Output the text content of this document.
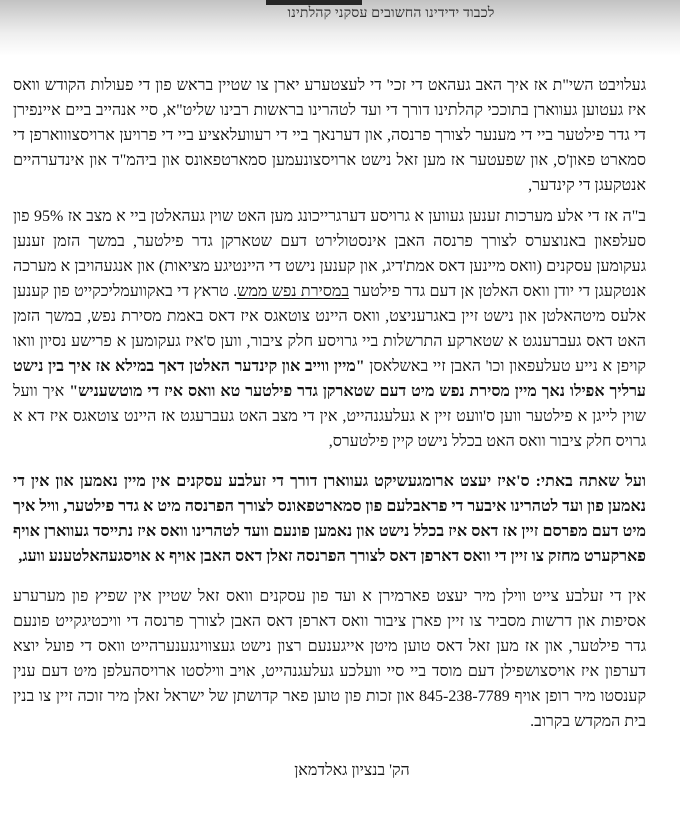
לכבוד ידידינו החשובים עסקני קהלתינו

געלויבט השי"ת אז איך האב געהאט די זכי' די לעצטערע יארן צו שטיין בראש פון די פעולות הקודש וואס איז געטוען געווארן בתוככי קהלתינו דורך די ועד לטהרינו בראשות רבינו שליט"א, סיי אנהייב ביים איינפירן די גדר פילטער ביי די מענער לצורך פרנסה, און דערנאך ביי די רעוועלאציע ביי די פרויען ארויסצוווארפן די סמארט פאון'ס, און שפעטער אז מען זאל נישט ארויסצונעמען סמארטפאונס און ביהמ"ד און אינדערהיים אנטקעגן די קינדער,

ב"ה אז די אלע מערכות זענען געווען א גרויסע דערגרייכונג מען האט שוין געהאלטן ביי א מצב אז 95% פון סעלפאון באנוצערס לצורך פרנסה האבן אינסטולירט דעם שטארקן גדר פילטער, במשך הזמן זענען געקומען עסקנים (וואס מיינען דאס אמת'דיג, און קענען נישט די היינטיגע מציאות) און אנגעהויבן א מערכה אנטקעגן די יודן וואס האלטן אן דעם גדר פילטער במסירת נפש ממש. טראץ די באקוועמליכקייט פון קענען אלעס מיטהאלטן און נישט זיין באגרעניצט, וואס היינט צוטאגס איז דאס באמת מסירת נפש, במשך הזמן האט דאס געברענגט א שטארקע התרשלות ביי גרויסע חלק ציבור, ווען ס'איז געקומען א פרישע נסיון וואו קויפן א נייע טעלעפאון וכו' האבן זיי באשלאסן "מיין ווייב און קינדער האלטן דאך במילא אז איך בין נישט ערליך אפילו נאך מיין מסירת נפש מיט דעם שטארקן גדר פילטער טא וואס איז די מוטשעניש" איך וועל שוין לייגן א פילטער ווען ס'וועט זיין א געלעגנהייט, אין די מצב האט געברעגט אז היינט צוטאגס איז דא א גרויס חלק ציבור וואס האט בכלל נישט קיין פילטערס,

ועל שאתה באתי: ס'איז יעצט ארומגעשיקט געווארן דורך די זעלבע עסקנים אין מיין נאמען און אין די נאמען פון ועד לטהרינו איבער די פראבלעם פון סמארטפאונס לצורך הפרנסה מיט א גדר פילטער, וויל איך מיט דעם מפרסם זיין אז דאס איז בכלל נישט און נאמען פונעם וועד לטהרינו וואס איז נתייסד געווארן אויף פארקערט מחזק צו זיין די וואס דארפן דאס לצורך הפרנסה זאלן דאס האבן אויף א אויסגעהאלטענע וועג,

אין די זעלבע צייט ווילן מיר יעצט פארמירן א ועד פון עסקנים וואס זאל שטיין אין שפיץ פון מערערע אסיפות און דרשות מסביר צו זיין פארן ציבור וואס דארפן דאס האבן לצורך פרנסה די וויכטיגקייט פונעם גדר פילטער, און אז מען זאל דאס טוען מיטן אייגענעם רצון נישט געצווינגענערהייט וואס די פועל יוצא דערפון איז אויסצושפילן דעם מוסד ביי סיי וועלכע געלעגנהייט, אויב ווילסטו ארויסהעלפן מיט דעם ענין קענסטו מיר רופן אויף 845-238-7789 און זכות פון טוען פאר קדושתן של ישראל זאלן מיר זוכה זיין צו בנין בית המקדש בקרוב.

הק' בנציון גאלדמאן
